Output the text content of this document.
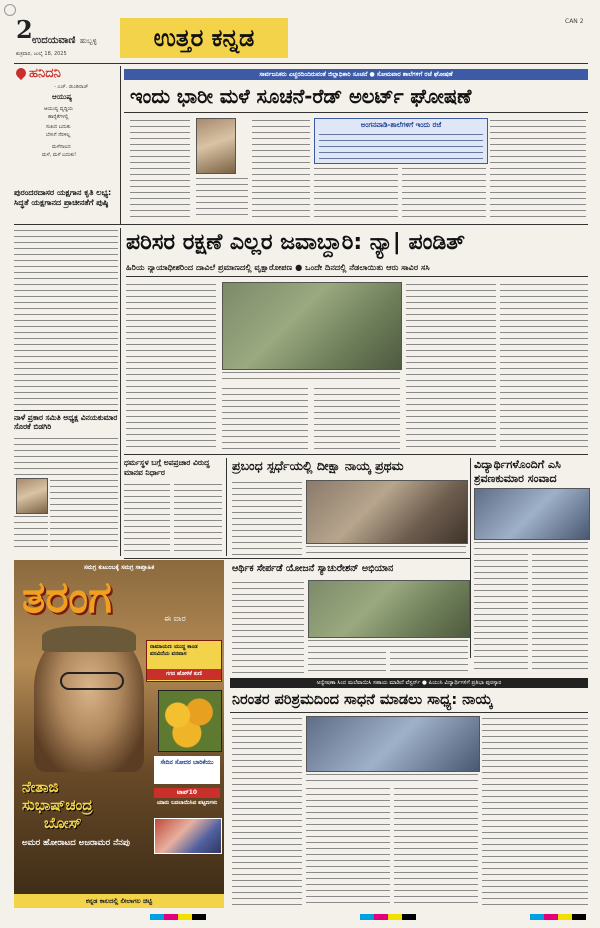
2 ಉದಯವಾಣಿ ಹುಬ್ಬಳ್ಳಿ
ಶುಕ್ರವಾರ, ಜುಲೈ 18, 2025
ಉತ್ತರ ಕನ್ನಡ
CAN 2
ಹನಿದನಿ
- ಎಚ್. ಡುಂಡಿರಾಜ್
ಆಯುಷ್ಯ
ಆಯುಷ್ಯ ವೃದ್ಧಿಯ
ಹಾರೈಕೆಗಳಲ್ಲಿ
ಸುಖದ ಬದುಕು
ಬೇಸಿಗೆ ನೆರಳಿಲ್ಲ
ಮಳೆಗಾಲದ
ಮಳೆ, ಮಳೆ ಬದುಕು!
ಸಾರ್ವಜನಿಕರು ಎಚ್ಚರದಿಂದಿರುವಂತೆ ಜಿಲ್ಲಾಧಿಕಾರಿ ಸೂಚನೆ ● ಸೋಮವಾರ ಶಾಲೆಗಳಿಗೆ ರಜೆ ಘೋಷಣೆ
ಇಂದು ಭಾರೀ ಮಳೆ ಸೂಚನೆ-ರೆಡ್ ಅಲರ್ಟ್ ಘೋಷಣೆ
ಅಂಗನವಾಡಿ-ಶಾಲೆಗಳಿಗೆ ಇಂದು ರಜೆ
ಪುರಂದರದಾಸರ ಯಕ್ಷಗಾನ ಕೃತಿ ಲಭ್ಯ: ಸಿದ್ಧತೆ ಯಕ್ಷಗಾನದ ಪ್ರಾಚೀನತೆಗೆ ಪುಷ್ಠಿ
ನಾಳೆ ಪ್ರಕಾರ ಸಮಿತಿ ಅಧ್ಯಕ್ಷ ವಿನಯಕುಮಾರ ಸೊರಕೆ ಬಿಡಗಿರಿ
ಪರಿಸರ ರಕ್ಷಣೆ ಎಲ್ಲರ ಜವಾಬ್ದಾರಿ: ನ್ಯಾ| ಪಂಡಿತ್
ಹಿರಿಯ ನ್ಯಾಯಾಧೀಶರಿಂದ ದಾವಿಲೆ ಪ್ರಮಾಣದಲ್ಲಿ ವೃಕ್ಷಾರೋಪಣ ● ಒಂದೇ ದಿನದಲ್ಲಿ ನೆಡಲಾಯಿತು ಆರು ಸಾವಿರ ಸಸಿ
ಧರ್ಮಸ್ಥಳ ಬಗ್ಗೆ ಅಪಪ್ರಚಾರ ವಿರುದ್ಧ ಮಾನವ ನಿರ್ಧಾರ	ಪ್ರಬಂಧ ಸ್ಪರ್ಧೆಯಲ್ಲಿ ದೀಕ್ಷಾ ನಾಯ್ಕ ಪ್ರಥಮ	ವಿದ್ಯಾರ್ಥಿಗಳೊಂದಿಗೆ ಎಸಿ ಶ್ರವಣಕುಮಾರ ಸಂವಾದ
ಆರ್ಥಿಕ ಸೇರ್ಪಡೆ ಯೋಜನೆ ಸ್ಯಾಚುರೇಶನ್ ಅಭಿಯಾನ
ಸಮಗ್ರ ಕುಟುಂಬಕ್ಕೆ ಸಮಗ್ರ ಸಾಪ್ತಾಹಿಕ
ತರಂಗ	ಈ ವಾರ
ರಾಮಾಯಣ ಯುದ್ಧ ಕಾಂಡ ವನವಿದೆಯ ವನವಾಸ
ಗಗನ ಹೋಳಿಕೆ ಕುಣಿ
ಸೇದಿನ ಸೋದರ ಬಾರಿಕೆಯು
ಟಾಪ್10
ಯಾರು ಬದಲಾಯಿಸಿದ ಪಟ್ಟಣಗಳು
ನೇತಾಜಿ
ಸುಭಾಷ್‌ಚಂದ್ರ
ಬೋಸ್
ಅಮರ ಹೋರಾಟದ ಅಜರಾಮರ ನೆನಪು
ಕನ್ನಡ ಕಾಲದಲ್ಲಿ ಲೀಲಾಗಲ ಚಿಟ್ಟಿ
ಅನ್ವೇಷಣಾ ಸಿಂದ ಮಲೆವಾಯಿಸಿ ಸಹಾಯ ಮಾಡಿದೆ ವೆಸ್ಟರ್ನ್ ● ಪಿಯುಸಿ ವಿದ್ಯಾರ್ಥಿಗಳಿಗೆ ಪ್ರತಿಭಾ ಪುರಸ್ಕಾರ
ನಿರಂತರ ಪರಿಶ್ರಮದಿಂದ ಸಾಧನೆ ಮಾಡಲು ಸಾಧ್ಯ: ನಾಯ್ಕ
